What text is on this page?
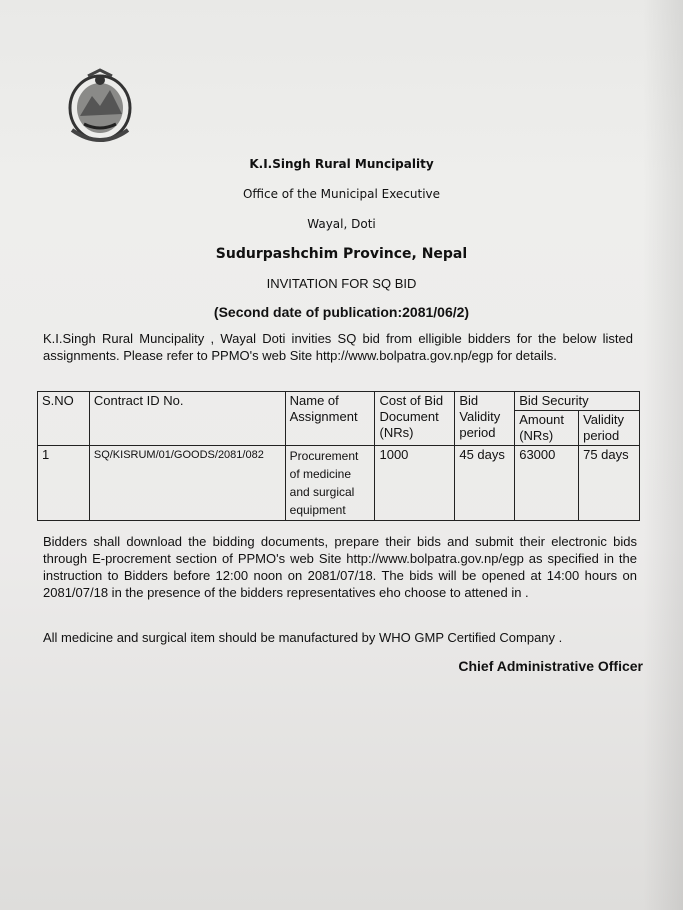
K.I.Singh Rural Muncipality
Office of the Municipal Executive
Wayal, Doti
Sudurpashchim Province, Nepal
INVITATION FOR SQ BID
(Second date of publication:2081/06/2)
K.I.Singh Rural Muncipality , Wayal Doti invities SQ bid from elligible bidders for the below listed assignments. Please refer to PPMO's web Site http://www.bolpatra.gov.np/egp for details.
S.NO	Contract ID No.	Name of Assignment	Cost of Bid Document (NRs)	Bid Validity period	Bid Security	
					Amount (NRs)	Validity period
1	SQ/KISRUM/01/GOODS/2081/082	Procurement of medicine and surgical equipment	1000	45 days	63000	75 days
Bidders shall download the bidding documents, prepare their bids and submit their electronic bids through E-procrement section of PPMO's web Site http://www.bolpatra.gov.np/egp as specified in the instruction to Bidders before 12:00 noon on 2081/07/18. The bids will be opened at 14:00 hours on 2081/07/18 in the presence of the bidders representatives eho choose to attened in .
All medicine and surgical item should be manufactured by WHO GMP Certified Company .
Chief Administrative Officer
